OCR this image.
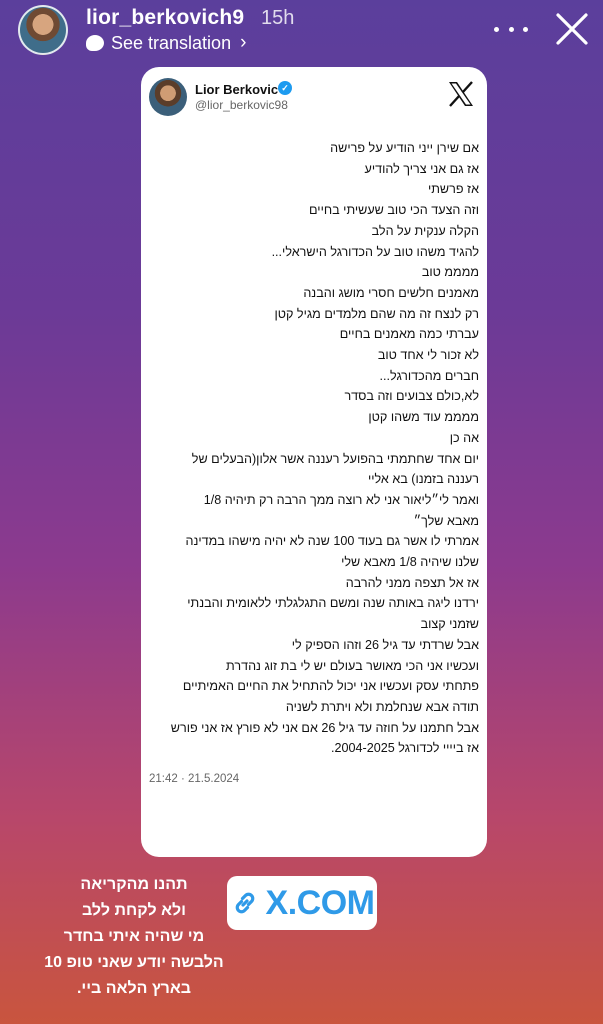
lior_berkovich9 15h
See translation ›
Lior Berkovic ✓
@lior_berkovic98
אם שירן ייני הודיע על פרישה
אז גם אני צריך להודיע
אז פרשתי
וזה הצעד הכי טוב שעשיתי בחיים
הקלה ענקית על הלב
להגיד משהו טוב על הכדורגל הישראלי...
ממממ טוב
מאמנים חלשים חסרי מושג והבנה
רק לנצח זה מה שהם מלמדים מגיל קטן
עברתי כמה מאמנים בחיים
לא זכור לי אחד טוב
חברים מהכדורגל...
לא,כולם צבועים וזה בסדר
ממממ עוד משהו קטן
אה כן
יום אחד שחתמתי בהפועל רעננה אשר אלון(הבעלים של
רעננה בזמנו) בא אליי
ואמר לי״ליאור אני לא רוצה ממך הרבה רק תיהיה 1/8
מאבא שלך״
אמרתי לו אשר גם בעוד 100 שנה לא יהיה מישהו במדינה
שלנו שיהיה 1/8 מאבא שלי
אז אל תצפה ממני להרבה
ירדנו ליגה באותה שנה ומשם התגלגלתי ללאומית והבנתי
שזמני קצוב
אבל שרדתי עד גיל 26 וזהו הספיק לי
ועכשיו אני הכי מאושר בעולם יש לי בת זוג נהדרת
פתחתי עסק ועכשיו אני יכול להתחיל את החיים האמיתיים
תודה אבא שנחלמת ולא ויתרת לשניה
אבל חתמנו על חוזה עד גיל 26 אם אני לא פורץ אז אני פורש
אז ביייי לכדורגל 2004-2025.
21:42 · 21.5.2024
תהנו מהקריאה
ולא לקחת ללב
מי שהיה איתי בחדר
הלבשה יודע שאני טופ 10
בארץ הלאה ביי.
X.COM
